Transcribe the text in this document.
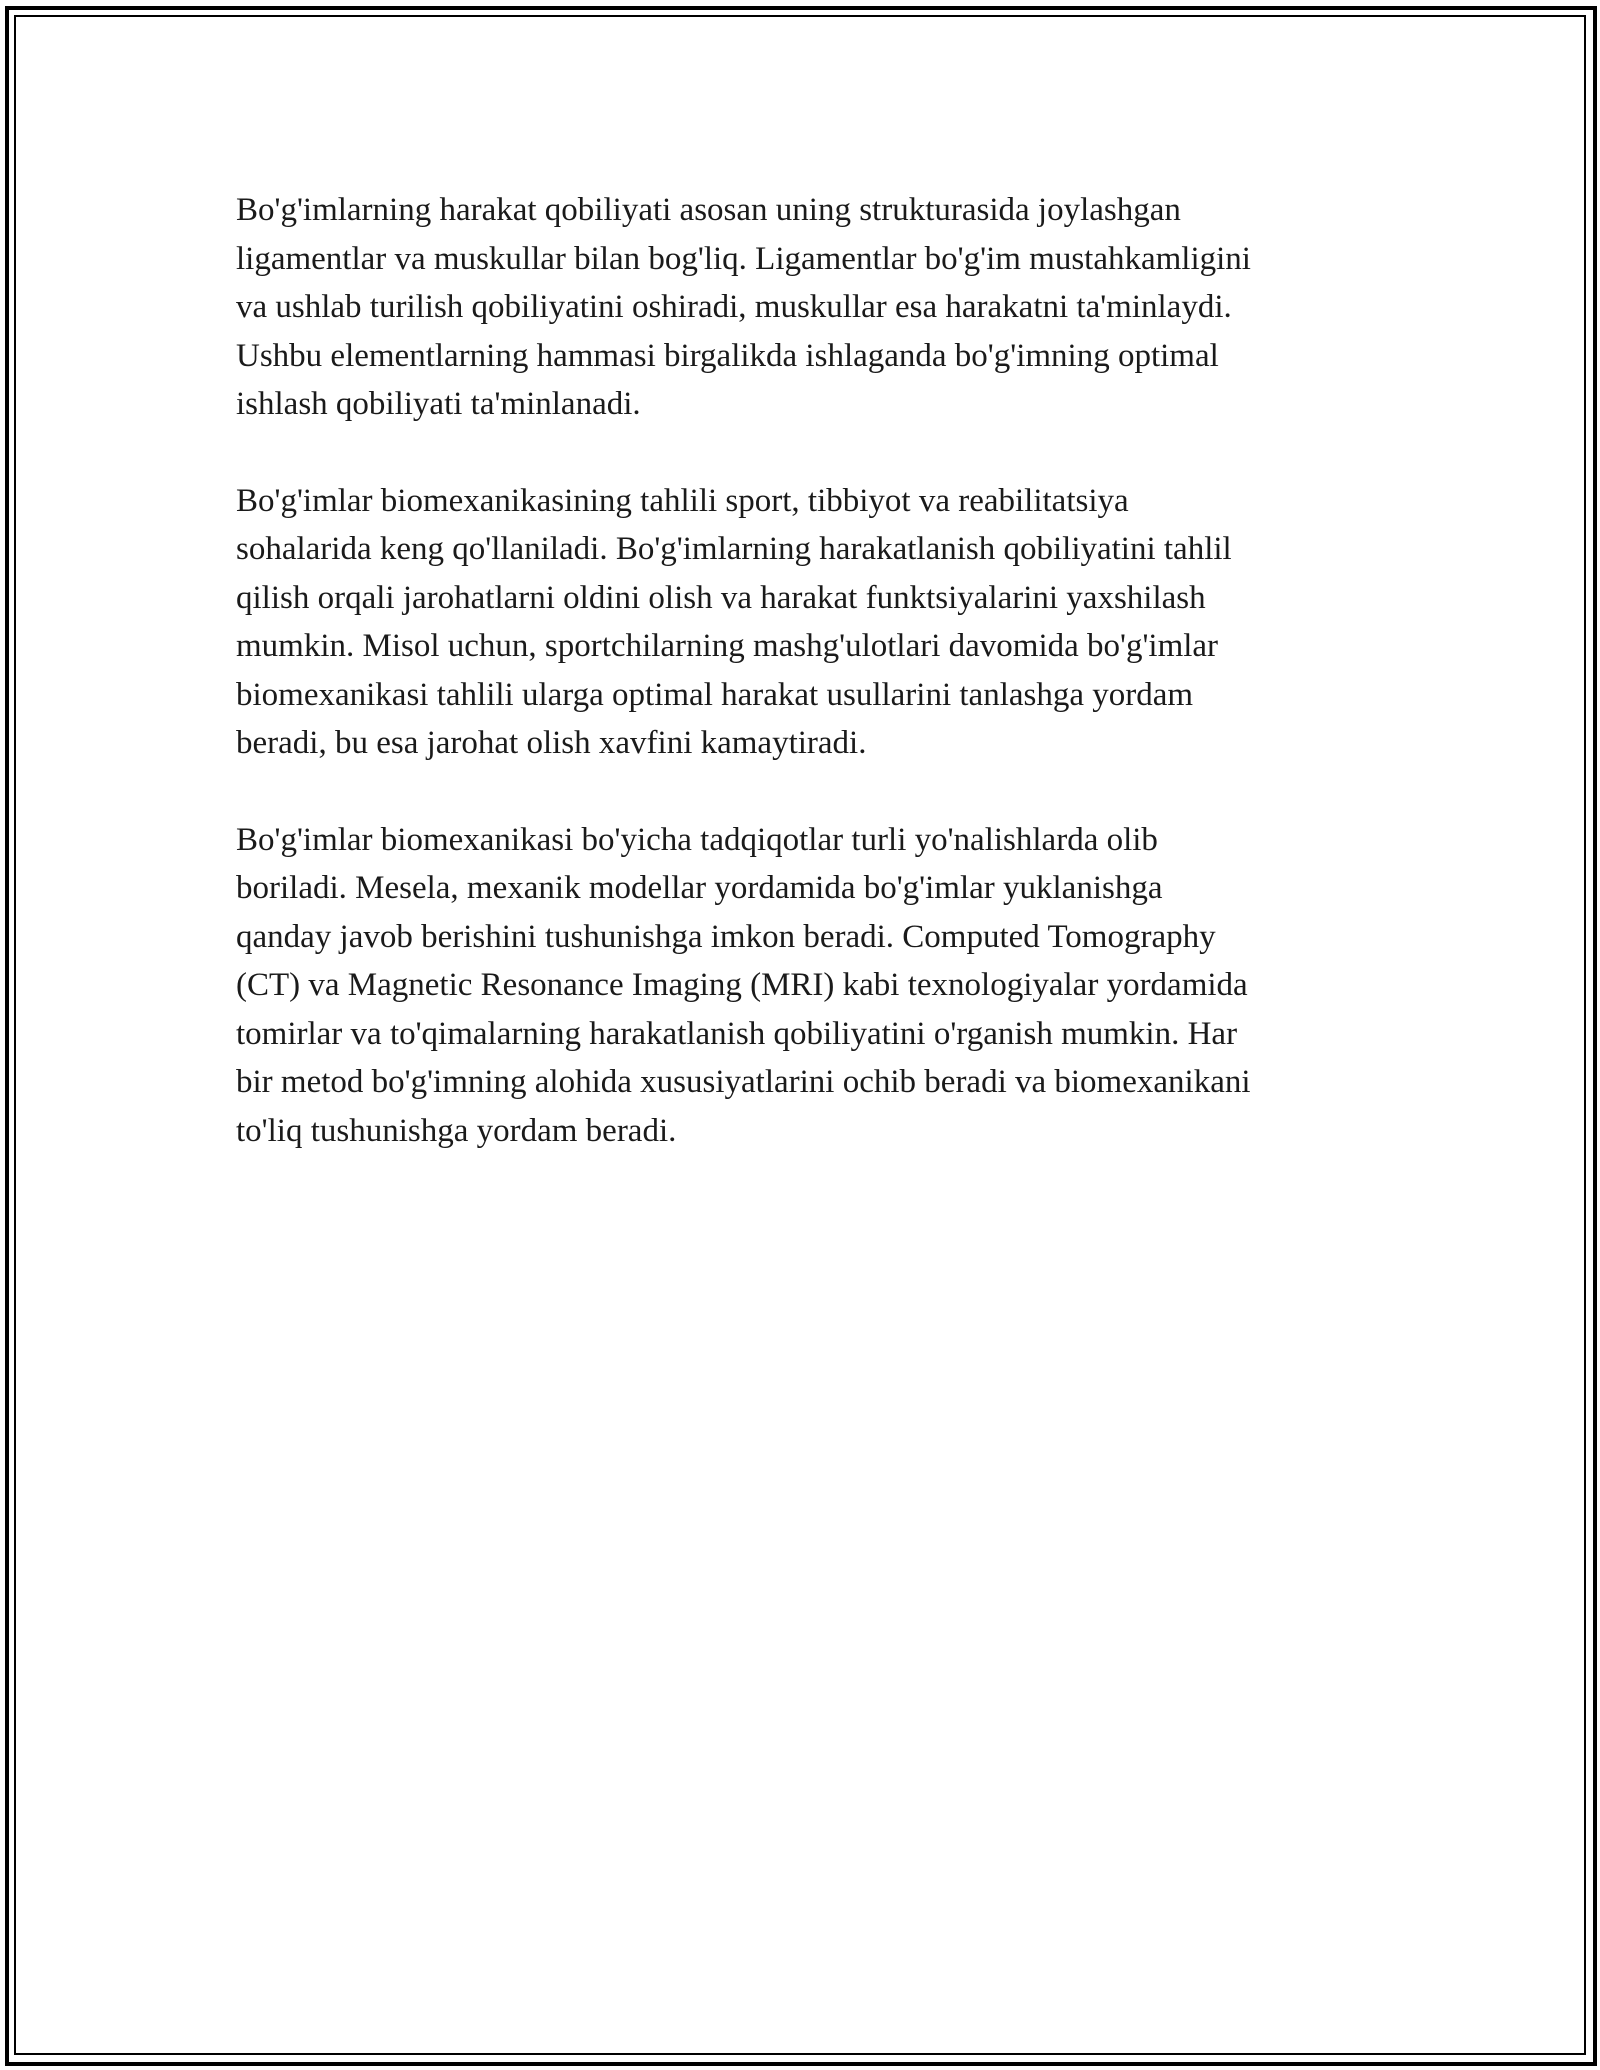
Bo'g'imlarning harakat qobiliyati asosan uning strukturasida joylashgan
ligamentlar va muskullar bilan bog'liq. Ligamentlar bo'g'im mustahkamligini
va ushlab turilish qobiliyatini oshiradi, muskullar esa harakatni ta'minlaydi.
Ushbu elementlarning hammasi birgalikda ishlaganda bo'g'imning optimal
ishlash qobiliyati ta'minlanadi.

Bo'g'imlar biomexanikasining tahlili sport, tibbiyot va reabilitatsiya
sohalarida keng qo'llaniladi. Bo'g'imlarning harakatlanish qobiliyatini tahlil
qilish orqali jarohatlarni oldini olish va harakat funktsiyalarini yaxshilash
mumkin. Misol uchun, sportchilarning mashg'ulotlari davomida bo'g'imlar
biomexanikasi tahlili ularga optimal harakat usullarini tanlashga yordam
beradi, bu esa jarohat olish xavfini kamaytiradi.

Bo'g'imlar biomexanikasi bo'yicha tadqiqotlar turli yo'nalishlarda olib
boriladi. Mesela, mexanik modellar yordamida bo'g'imlar yuklanishga
qanday javob berishini tushunishga imkon beradi. Computed Tomography
(CT) va Magnetic Resonance Imaging (MRI) kabi texnologiyalar yordamida
tomirlar va to'qimalarning harakatlanish qobiliyatini o'rganish mumkin. Har
bir metod bo'g'imning alohida xususiyatlarini ochib beradi va biomexanikani
to'liq tushunishga yordam beradi.
